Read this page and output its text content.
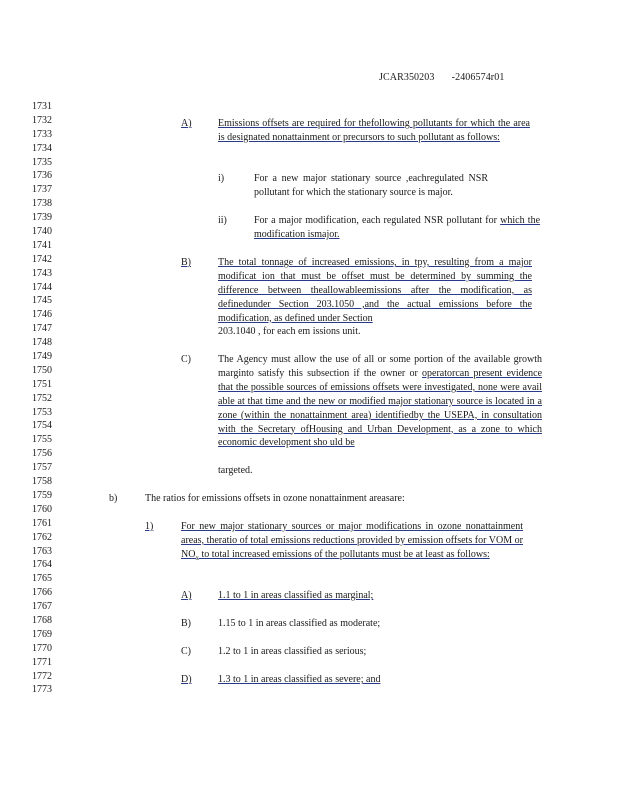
JCAR350203 -2406574r01
1731
1732
1733
1734
1735
1736
1737
1738
1739
1740
1741
1742
1743
1744
1745
1746
1747
1748
1749
1750
1751
1752
1753
1754
1755
1756
1757
1758
1759
1760
1761
1762
1763
1764
1765
1766
1767
1768
1769
1770
1771
1772
1773
A)	Emissions offsets are required for thefollowing pollutants for which the area is designated nonattainment or precursors to such pollutant as follows:
i)	For a new major stationary source ,eachregulated NSR pollutant for which the stationary source is major.
ii)	For a major modification, each regulated NSR pollutant for which the modification ismajor.
B)	The total tonnage of increased emissions, in tpy, resulting from a major modificat ion that must be offset must be determined by summing the difference between theallowableemissions after the modification, as definedunder Section 203.1050 ,and the actual emissions before the modification, as defined under Section
203.1040 , for each em issions unit.
C)	The Agency must allow the use of all or some portion of the available growth marginto satisfy this subsection if the owner or operatorcan present evidence that the possible sources of emissions offsets were investigated, none were avail able at that time and the new or modified major stationary source is located in a zone (within the nonattainment area) identifiedby the USEPA, in consultation with the Secretary ofHousing and Urban Development, as a zone to which economic development sho uld be
targeted.
b)	The ratios for emissions offsets in ozone nonattainment areasare:
1)	For new major stationary sources or major modifications in ozone nonattainment areas, theratio of total emissions reductions provided by emission offsets for VOM or $NO_x$ to total increased emissions of the pollutants must be at least as follows:
A)	1.1 to 1 in areas classified as marginal;
B)	1.15 to 1 in areas classified as moderate;
C)	1.2 to 1 in areas classified as serious;
D)	1.3 to 1 in areas classified as severe; and
